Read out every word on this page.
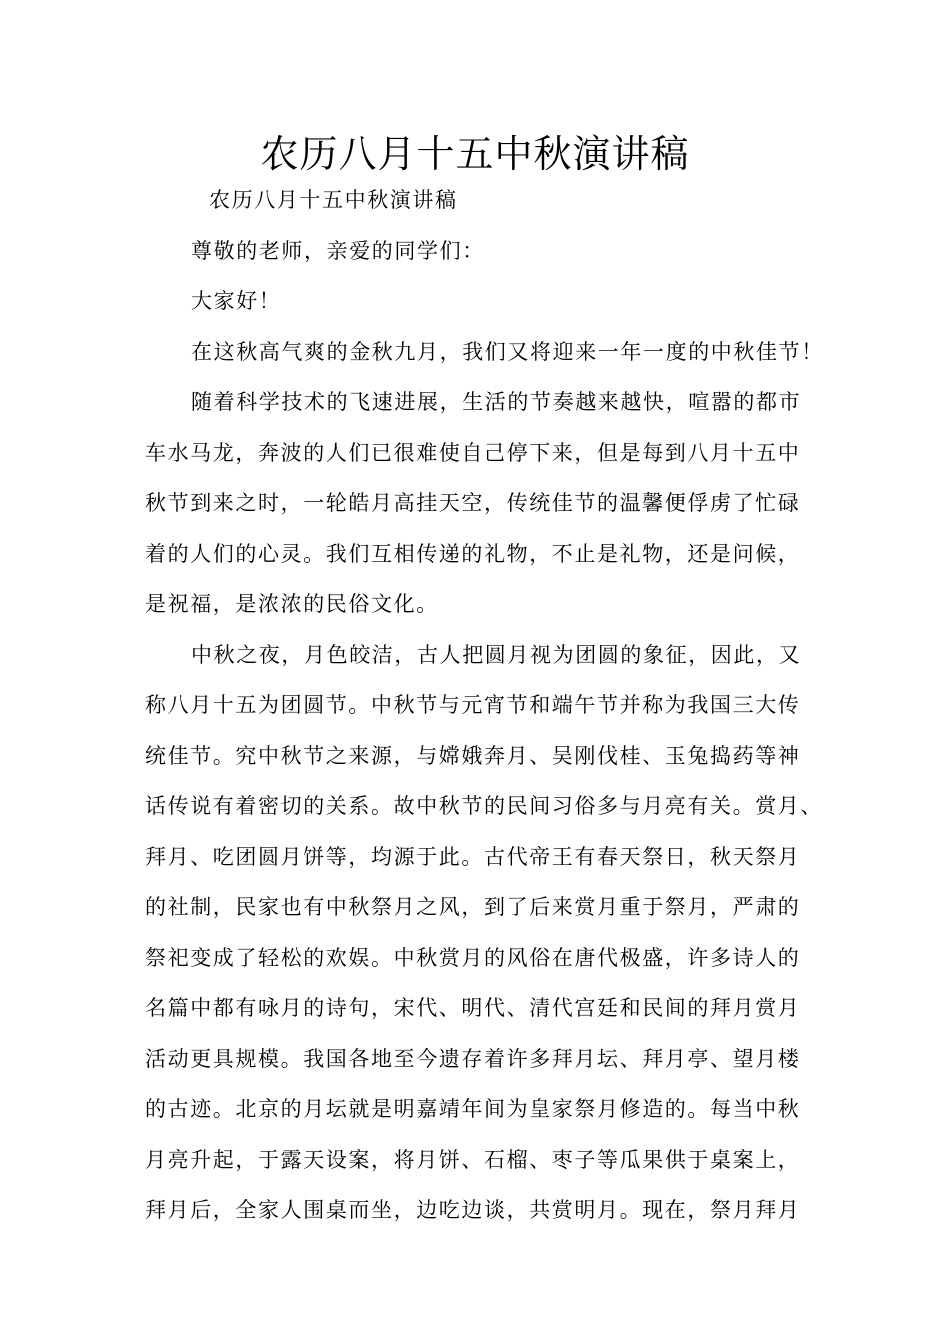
农历八月十五中秋演讲稿
农历八月十五中秋演讲稿
尊敬的老师，亲爱的同学们：
大家好！
在这秋高气爽的金秋九月，我们又将迎来一年一度的中秋佳节！
随着科学技术的飞速进展，生活的节奏越来越快，喧嚣的都市
车水马龙，奔波的人们已很难使自己停下来，但是每到八月十五中
秋节到来之时，一轮皓月高挂天空，传统佳节的温馨便俘虏了忙碌
着的人们的心灵。我们互相传递的礼物，不止是礼物，还是问候，
是祝福，是浓浓的民俗文化。
中秋之夜，月色皎洁，古人把圆月视为团圆的象征，因此，又
称八月十五为团圆节。中秋节与元宵节和端午节并称为我国三大传
统佳节。究中秋节之来源，与嫦娥奔月、吴刚伐桂、玉兔捣药等神
话传说有着密切的关系。故中秋节的民间习俗多与月亮有关。赏月、
拜月、吃团圆月饼等，均源于此。古代帝王有春天祭日，秋天祭月
的社制，民家也有中秋祭月之风，到了后来赏月重于祭月，严肃的
祭祀变成了轻松的欢娱。中秋赏月的风俗在唐代极盛，许多诗人的
名篇中都有咏月的诗句，宋代、明代、清代宫廷和民间的拜月赏月
活动更具规模。我国各地至今遗存着许多拜月坛、拜月亭、望月楼
的古迹。北京的月坛就是明嘉靖年间为皇家祭月修造的。每当中秋
月亮升起，于露天设案，将月饼、石榴、枣子等瓜果供于桌案上，
拜月后，全家人围桌而坐，边吃边谈，共赏明月。现在，祭月拜月
